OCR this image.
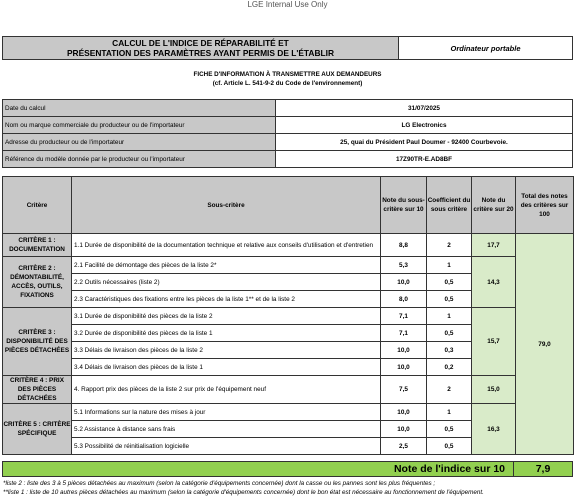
LGE Internal Use Only
CALCUL DE L'INDICE DE RÉPARABILITÉ ET
PRÉSENTATION DES PARAMÈTRES AYANT PERMIS DE L'ÉTABLIR	Ordinateur portable
FICHE D'INFORMATION À TRANSMETTRE AUX DEMANDEURS
(cf. Article L. 541-9-2 du Code de l'environnement)
Date du calcul	31/07/2025
Nom ou marque commerciale du producteur ou de l'importateur	LG Electronics
Adresse du producteur ou de l'importateur	25, quai du Président Paul Doumer - 92400 Courbevoie.
Référence du modèle donnée par le producteur ou l'importateur	17Z90TR-E.AD8BF
Critère	Sous-critère	Note du sous-critère sur 10	Coefficient du sous critère	Note du critère sur 20	Total des notes des critères sur 100
CRITÈRE 1 : DOCUMENTATION	1.1 Durée de disponibilité de la documentation technique et relative aux conseils d'utilisation et d'entretien	8,8	2	17,7	79,0
CRITÈRE 2 : DÉMONTABILITÉ, ACCÈS, OUTILS, FIXATIONS	2.1 Facilité de démontage des pièces de la liste 2*	5,3	1	14,3	
	2.2 Outils nécessaires (liste 2)	10,0	0,5		
	2.3 Caractéristiques des fixations entre les pièces de la liste 1** et de la liste 2	8,0	0,5		
CRITÈRE 3 : DISPONIBILITÉ DES PIÈCES DÉTACHÉES	3.1 Durée de disponibilité des pièces de la liste 2	7,1	1	15,7	
	3.2 Durée de disponibilité des pièces de la liste 1	7,1	0,5		
	3.3 Délais de livraison des pièces de la liste 2	10,0	0,3		
	3.4 Délais de livraison des pièces de la liste 1	10,0	0,2		
CRITÈRE 4 : PRIX DES PIÈCES DÉTACHÉES	4. Rapport prix des pièces de la liste 2 sur prix de l'équipement neuf	7,5	2	15,0	
CRITÈRE 5 : CRITÈRE SPÉCIFIQUE	5.1 Informations sur la nature des mises à jour	10,0	1	16,3	
	5.2 Assistance à distance sans frais	10,0	0,5		
	5.3 Possibilité de réinitialisation logicielle	2,5	0,5		
Note de l'indice sur 10	7,9
*liste 2 : liste des 3 à 5 pièces détachées au maximum (selon la catégorie d'équipements concernée) dont la casse ou les pannes sont les plus fréquentes ;
**liste 1 : liste de 10 autres pièces détachées au maximum (selon la catégorie d'équipements concernée) dont le bon état est nécessaire au fonctionnement de l'équipement.
